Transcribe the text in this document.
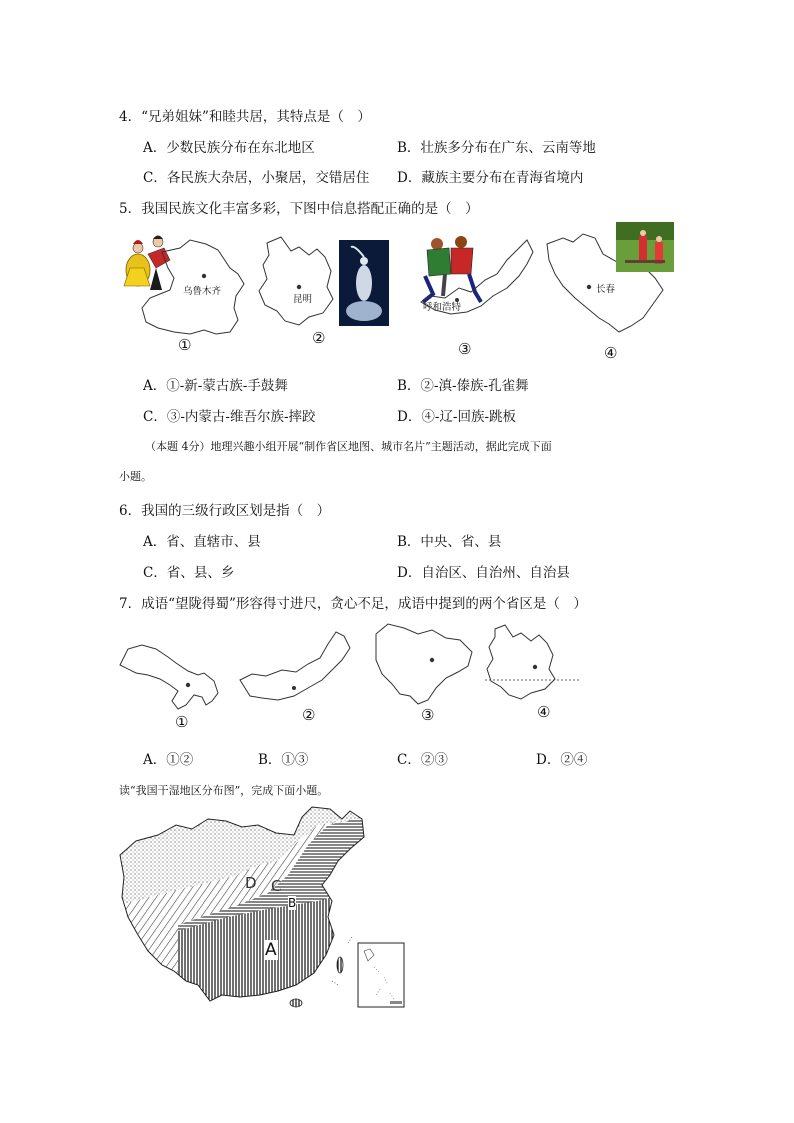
4．“兄弟姐妹”和睦共居，其特点是（　）
A．少数民族分布在东北地区	B．壮族多分布在广东、云南等地
C．各民族大杂居，小聚居，交错居住 D．藏族主要分布在青海省境内
5．我国民族文化丰富多彩，下图中信息搭配正确的是（　）
乌鲁木齐
①
昆明
②
呼和浩特
③
长春
④
A．①-新-蒙古族-手鼓舞	B．②-滇-傣族-孔雀舞
C．③-内蒙古-维吾尔族-摔跤	D．④-辽-回族-跳板
（本题 4分）地理兴趣小组开展“制作省区地图、城市名片”主题活动，据此完成下面
小题。
6．我国的三级行政区划是指（　）
A．省、直辖市、县	B．中央、省、县
C．省、县、乡	D．自治区、自治州、自治县
7．成语“望陇得蜀”形容得寸进尺，贪心不足，成语中提到的两个省区是（　）
①	②	③	④
A．①②	B．①③	C．②③	D．②④
读“我国干湿地区分布图”，完成下面小题。
D C
B
A
